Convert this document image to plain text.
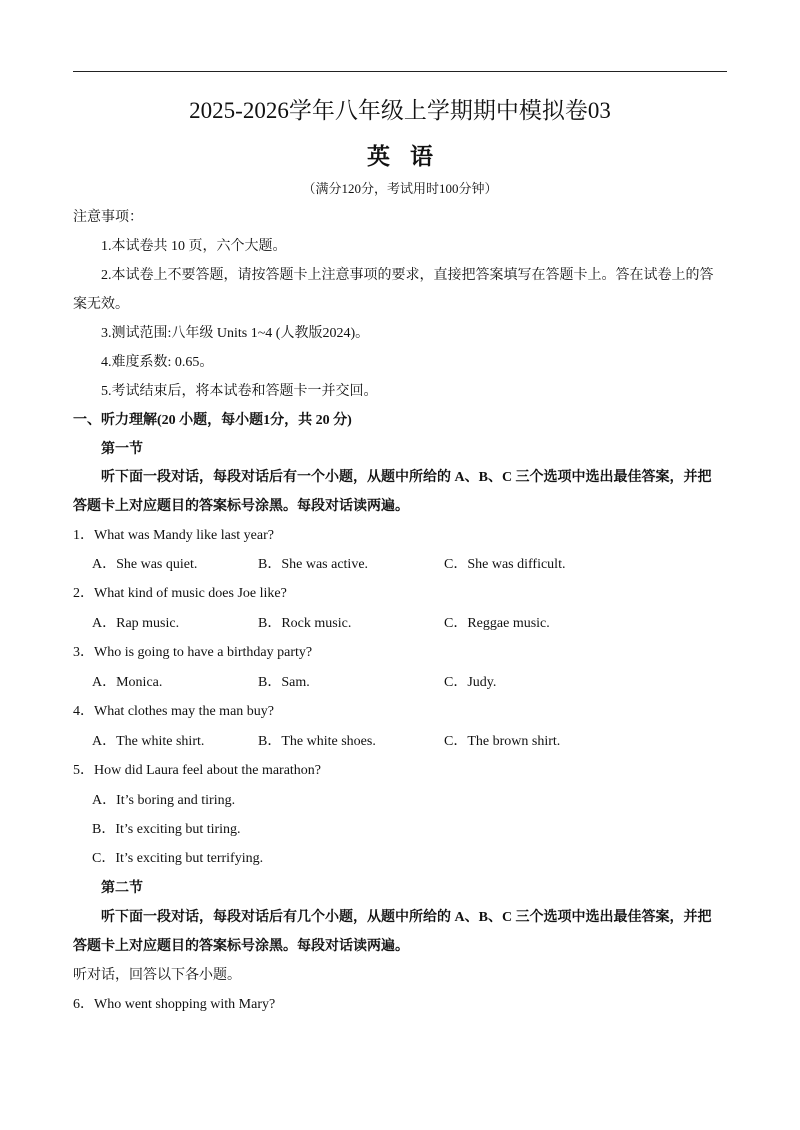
2025-2026学年八年级上学期期中模拟卷03
英语
（满分120分，考试用时100分钟）
注意事项：
1.本试卷共 10 页，六个大题。
2.本试卷上不要答题，请按答题卡上注意事项的要求，直接把答案填写在答题卡上。答在试卷上的答
案无效。
3.测试范围:八年级 Units 1~4 (人教版2024)。
4.难度系数: 0.65。
5.考试结束后，将本试卷和答题卡一并交回。
一、听力理解(20 小题，每小题1分，共 20 分)
第一节
听下面一段对话，每段对话后有一个小题，从题中所给的 A、B、C 三个选项中选出最佳答案，并把
答题卡上对应题目的答案标号涂黑。每段对话读两遍。
1．What was Mandy like last year?
A．She was quiet.	B．She was active.	C．She was difficult.
2．What kind of music does Joe like?
A．Rap music.	B．Rock music.	C．Reggae music.
3．Who is going to have a birthday party?
A．Monica.	B．Sam.	C．Judy.
4．What clothes may the man buy?
A．The white shirt.	B．The white shoes.	C．The brown shirt.
5．How did Laura feel about the marathon?
A．It’s boring and tiring.
B．It’s exciting but tiring.
C．It’s exciting but terrifying.
第二节
听下面一段对话，每段对话后有几个小题，从题中所给的 A、B、C 三个选项中选出最佳答案，并把
答题卡上对应题目的答案标号涂黑。每段对话读两遍。
听对话，回答以下各小题。
6．Who went shopping with Mary?
